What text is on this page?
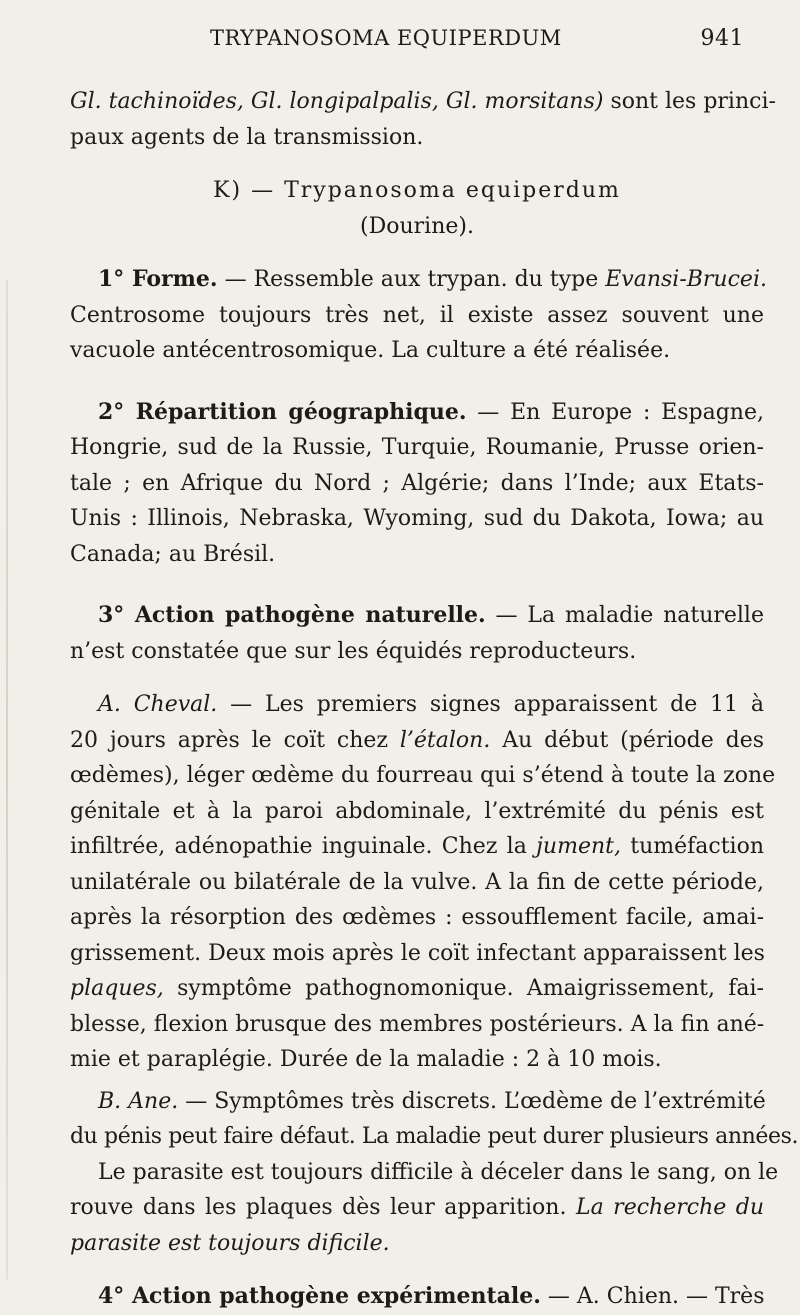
TRYPANOSOMA EQUIPERDUM	941
Gl. tachinoïdes, Gl. longipalpalis, Gl. morsitans) sont les princi-
paux agents de la transmission.
K) — Trypanosoma equiperdum
(Dourine).
1° Forme. — Ressemble aux trypan. du type Evansi-Brucei.
Centrosome toujours très net, il existe assez souvent une
vacuole antécentrosomique. La culture a été réalisée.
2° Répartition géographique. — En Europe : Espagne,
Hongrie, sud de la Russie, Turquie, Roumanie, Prusse orien-
tale ; en Afrique du Nord ; Algérie; dans l’Inde; aux Etats-
Unis : Illinois, Nebraska, Wyoming, sud du Dakota, Iowa; au
Canada; au Brésil.
3° Action pathogène naturelle. — La maladie naturelle
n’est constatée que sur les équidés reproducteurs.
A. Cheval. — Les premiers signes apparaissent de 11 à
20 jours après le coït chez l’étalon. Au début (période des
œdèmes), léger œdème du fourreau qui s’étend à toute la zone
génitale et à la paroi abdominale, l’extrémité du pénis est
infiltrée, adénopathie inguinale. Chez la jument, tuméfaction
unilatérale ou bilatérale de la vulve. A la fin de cette période,
après la résorption des œdèmes : essoufflement facile, amai-
grissement. Deux mois après le coït infectant apparaissent les
plaques, symptôme pathognomonique. Amaigrissement, fai-
blesse, flexion brusque des membres postérieurs. A la fin ané-
mie et paraplégie. Durée de la maladie : 2 à 10 mois.
B. Ane. — Symptômes très discrets. L’œdème de l’extrémité
du pénis peut faire défaut. La maladie peut durer plusieurs années.
Le parasite est toujours difficile à déceler dans le sang, on le
rouve dans les plaques dès leur apparition. La recherche du
parasite est toujours dificile.
4° Action pathogène expérimentale. — A. Chien. — Très
